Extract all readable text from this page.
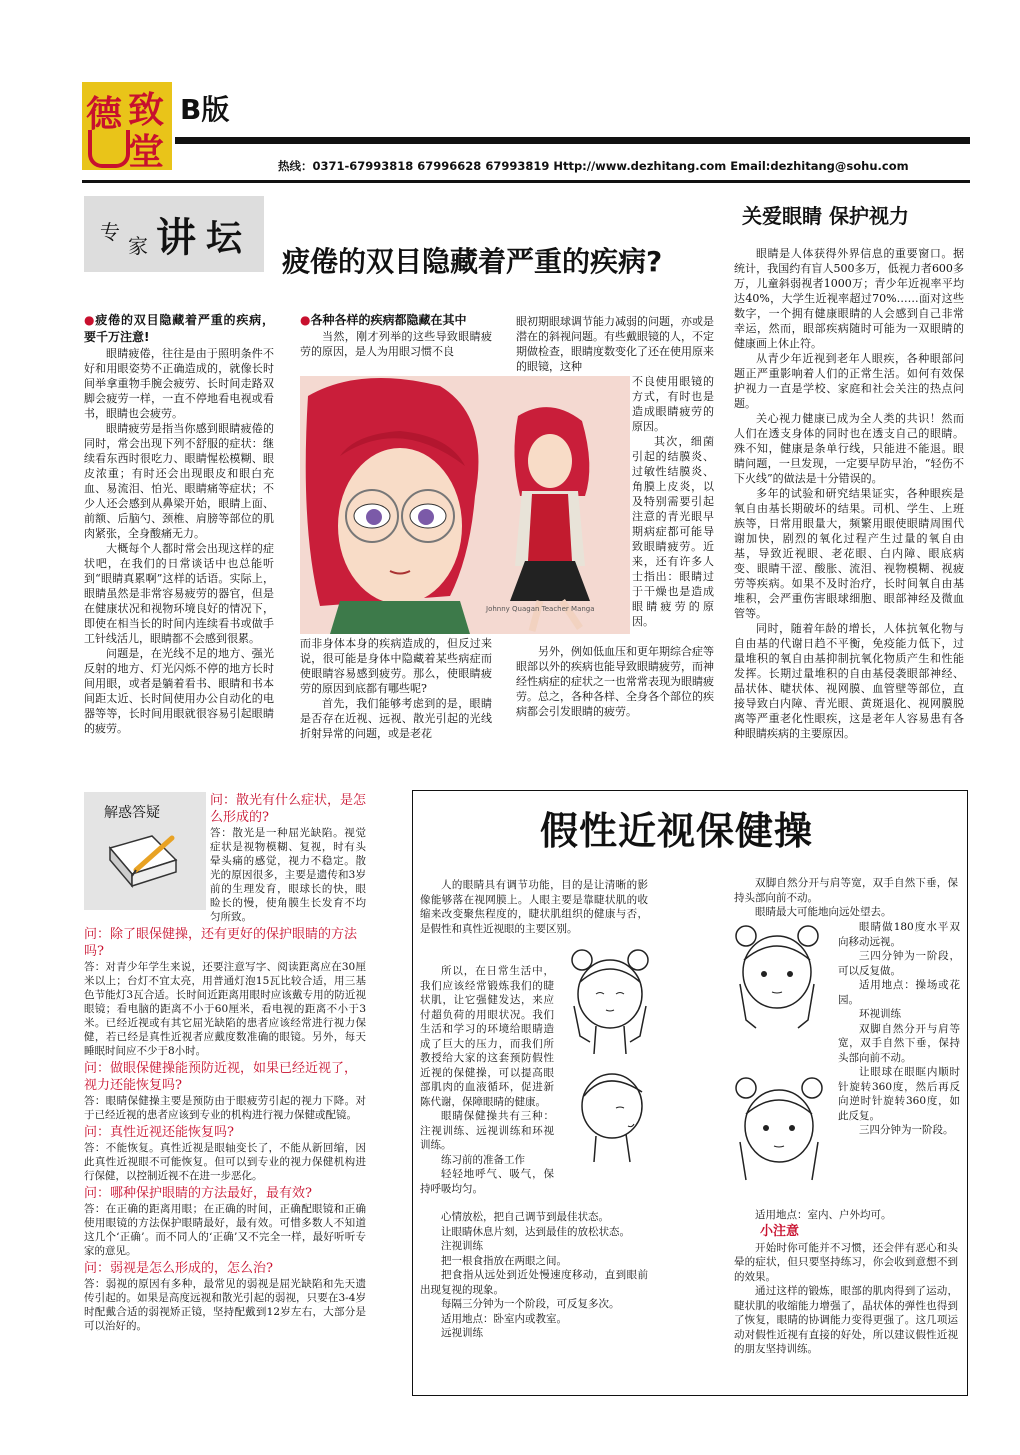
德 致
堂
B版
热线：0371-67993818 67996628 67993819 Http://www.dezhitang.com Email:dezhitang@sohu.com
专
家 讲 坛
疲倦的双目隐藏着严重的疾病?
关爱眼睛 保护视力

●疲倦的双目隐藏着严重的疾病，要千万注意!

眼睛疲倦，往往是由于照明条件不好和用眼姿势不正确造成的，就像长时间举拿重物手腕会疲劳、长时间走路双脚会疲劳一样，一直不停地看电视或看书，眼睛也会疲劳。

眼睛疲劳是指当你感到眼睛疲倦的同时，常会出现下列不舒服的症状：继续看东西时很吃力、眼睛惺松模糊、眼皮浓重；有时还会出现眼皮和眼白充血、易流泪、怕光、眼睛痛等症状；不少人还会感到从鼻梁开始，眼睛上面、前额、后脑勺、颈椎、肩膀等部位的肌肉紧张，全身酸痛无力。

大概每个人都时常会出现这样的症状吧，在我们的日常谈话中也总能听到“眼睛真累啊”这样的话语。实际上，眼睛虽然是非常容易疲劳的器官，但是在健康状况和视物环境良好的情况下，即使在相当长的时间内连续看书或做手工针线活儿，眼睛都不会感到很累。

问题是，在光线不足的地方、强光反射的地方、灯光闪烁不停的地方长时间用眼，或者是躺着看书、眼睛和书本间距太近、长时间使用办公自动化的电器等等，长时间用眼就很容易引起眼睛的疲劳。

●各种各样的疾病都隐藏在其中

当然，刚才列举的这些导致眼睛疲劳的原因，是人为用眼习惯不良

Johnny Quagan Teacher Manga

而非身体本身的疾病造成的，但反过来说，很可能是身体中隐藏着某些病症而使眼睛容易感到疲劳。那么，使眼睛疲劳的原因到底都有哪些呢?

首先，我们能够考虑到的是，眼睛是否存在近视、远视、散光引起的光线折射异常的问题，或是老花

眼初期眼球调节能力减弱的问题，亦或是潜在的斜视问题。有些戴眼镜的人，不定期做检查，眼睛度数变化了还在使用原来的眼镜，这种

不良使用眼镜的方式，有时也是造成眼睛疲劳的原因。

其次，细菌引起的结膜炎、过敏性结膜炎、角膜上皮炎，以及特别需要引起注意的青光眼早期病症都可能导致眼睛疲劳。近来，还有许多人士指出：眼睛过于干燥也是造成眼睛疲劳的原因。

另外，例如低血压和更年期综合症等眼部以外的疾病也能导致眼睛疲劳，而神经性病症的症状之一也常常表现为眼睛疲劳。总之，各种各样、全身各个部位的疾病都会引发眼睛的疲劳。

眼睛是人体获得外界信息的重要窗口。据统计，我国约有盲人500多万，低视力者600多万，儿童斜弱视者1000万；青少年近视率平均达40%，大学生近视率超过70%……面对这些数字，一个拥有健康眼睛的人会感到自己非常幸运，然而，眼部疾病随时可能为一双眼睛的健康画上休止符。

从青少年近视到老年人眼疾，各种眼部问题正严重影响着人们的正常生活。如何有效保护视力一直是学校、家庭和社会关注的热点问题。

关心视力健康已成为全人类的共识！然而人们在透支身体的同时也在透支自己的眼睛。殊不知，健康是条单行线，只能进不能退。眼睛问题，一旦发现，一定要早防早治，“轻伤不下火线”的做法是十分错误的。

多年的试验和研究结果证实，各种眼疾是氧自由基长期破坏的结果。司机、学生、上班族等，日常用眼量大，频繁用眼使眼睛周围代谢加快，剧烈的氧化过程产生过量的氧自由基，导致近视眼、老花眼、白内障、眼底病变、眼睛干涩、酸胀、流泪、视物模糊、视疲劳等疾病。如果不及时治疗，长时间氧自由基堆积，会严重伤害眼球细胞、眼部神经及微血管等。

同时，随着年龄的增长，人体抗氧化物与自由基的代谢日趋不平衡，免疫能力低下，过量堆积的氧自由基抑制抗氧化物质产生和性能发挥。长期过量堆积的自由基侵袭眼部神经、晶状体、睫状体、视网膜、血管壁等部位，直接导致白内障、青光眼、黄斑退化、视网膜脱离等严重老化性眼疾，这是老年人容易患有各种眼睛疾病的主要原因。

解惑答疑

问：散光有什么症状，是怎么形成的?

答：散光是一种屈光缺陷。视觉症状是视物模糊、复视，时有头晕头痛的感觉，视力不稳定。散光的原因很多，主要是遗传和3岁前的生理发育，眼球长的快，眼睑长的慢，使角膜生长发育不均匀所致。

问：除了眼保健操，还有更好的保护眼睛的方法吗?

答：对青少年学生来说，还要注意写字、阅读距离应在30厘米以上；台灯不宜太亮，用普通灯泡15瓦比较合适，用三基色节能灯3瓦合适。长时间近距离用眼时应该戴专用的防近视眼镜；看电脑的距离不小于60厘米，看电视的距离不小于3米。已经近视或有其它屈光缺陷的患者应该经常进行视力保健，若已经是真性近视者应戴度数准确的眼镜。另外，每天睡眠时间应不少于8小时。

问：做眼保健操能预防近视，如果已经近视了，视力还能恢复吗?

答：眼睛保健操主要是预防由于眼疲劳引起的视力下降。对于已经近视的患者应该到专业的机构进行视力保健或配镜。

问：真性近视还能恢复吗?

答：不能恢复。真性近视是眼轴变长了，不能从新回缩，因此真性近视眼不可能恢复。但可以到专业的视力保健机构进行保健，以控制近视不在进一步恶化。

问：哪种保护眼睛的方法最好，最有效?

答：在正确的距离用眼；在正确的时间，正确配眼镜和正确使用眼镜的方法保护眼睛最好，最有效。可惜多数人不知道这几个‘正确’。而不同人的‘正确’又不完全一样，最好听听专家的意见。

问：弱视是怎么形成的，怎么治?

答：弱视的原因有多种，最常见的弱视是屈光缺陷和先天遗传引起的。如果是高度远视和散光引起的弱视，只要在3-4岁时配戴合适的弱视矫正镜，坚持配戴到12岁左右，大部分是可以治好的。

假性近视保健操

人的眼睛具有调节功能，目的是让清晰的影像能够落在视网膜上。人眼主要是靠睫状肌的收缩来改变聚焦程度的，睫状肌组织的健康与否，是假性和真性近视眼的主要区别。

所以，在日常生活中，我们应该经常锻炼我们的睫状肌，让它强健发达，来应付超负荷的用眼状况。我们生活和学习的环境给眼睛造成了巨大的压力，而我们所教授给大家的这套预防假性近视的保健操，可以提高眼部肌肉的血液循环，促进新陈代谢，保障眼睛的健康。

眼睛保健操共有三种：注视训练、远视训练和环视训练。

练习前的准备工作

轻轻地呼气、吸气，保持呼吸均匀。

心情放松，把自己调节到最佳状态。

让眼睛休息片刻，达到最佳的放松状态。

注视训练

把一根食指放在两眼之间。

把食指从远处到近处慢速度移动，直到眼前出现复视的现象。

每隔三分钟为一个阶段，可反复多次。

适用地点：卧室内或教室。

远视训练

双脚自然分开与肩等宽，双手自然下垂，保持头部向前不动。

眼睛最大可能地向远处望去。

眼睛做180度水平双向移动远视。

三四分钟为一阶段，可以反复做。

适用地点：操场或花园。

环视训练

双脚自然分开与肩等宽，双手自然下垂，保持头部向前不动。

让眼球在眼眶内顺时针旋转360度，然后再反向逆时针旋转360度，如此反复。

三四分钟为一阶段。

适用地点：室内、户外均可。

小注意

开始时你可能并不习惯，还会伴有恶心和头晕的症状，但只要坚持练习，你会收到意想不到的效果。

通过这样的锻炼，眼部的肌肉得到了运动，睫状肌的收缩能力增强了，晶状体的弹性也得到了恢复，眼睛的协调能力变得更强了。这几项运动对假性近视有直接的好处，所以建议假性近视的朋友坚持训练。
